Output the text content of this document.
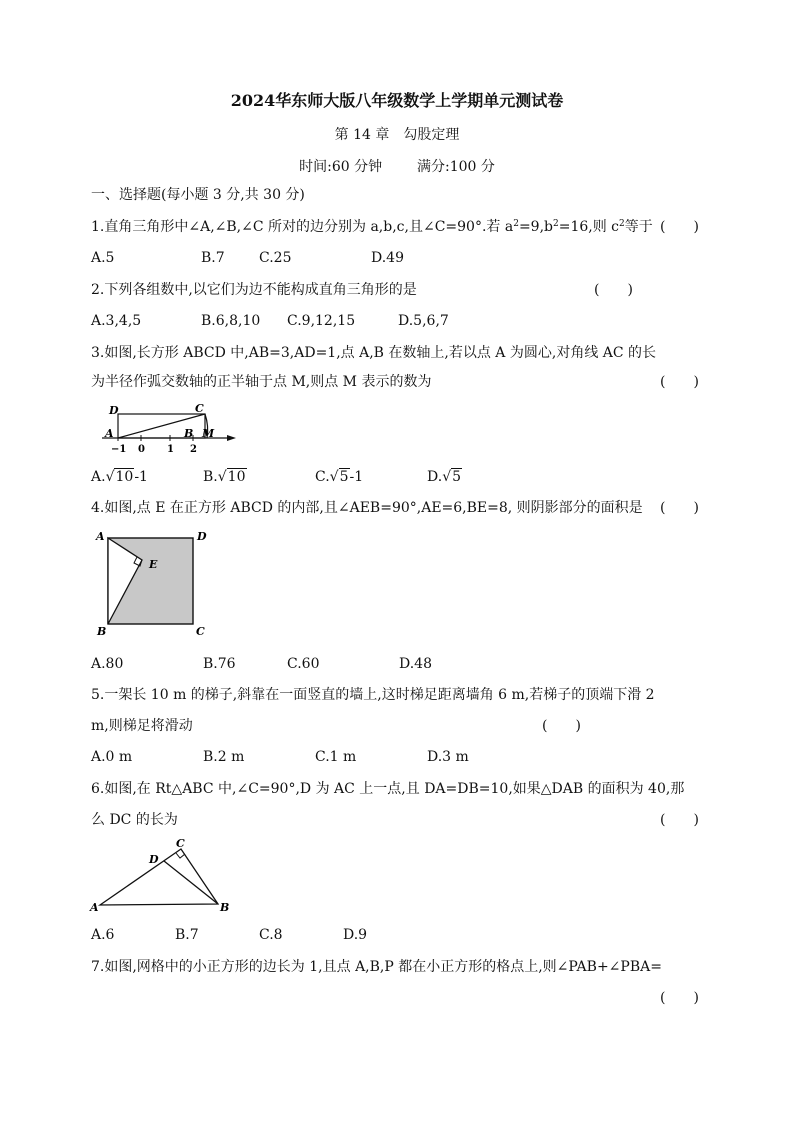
2024华东师大版八年级数学上学期单元测试卷
第 14 章　勾股定理
时间:60 分钟 满分:100 分
一、选择题(每小题 3 分,共 30 分)
1.直角三角形中∠A,∠B,∠C 所对的边分别为 a,b,c,且∠C=90°.若 $a^2=9,b^2=16$,则 $c^2$等于 (　　)
A.5	B.7 C.25	D.49
2.下列各组数中,以它们为边不能构成直角三角形的是	(　　)
A.3,4,5	B.6,8,10 C.9,12,15	D.5,6,7
3.如图,长方形 ABCD 中,AB=3,AD=1,点 A,B 在数轴上,若以点 A 为圆心,对角线 AC 的长
为半径作弧交数轴的正半轴于点 M,则点 M 表示的数为	(　　)
D	C
A	B M
−1 0 1 2
A.√10-1	B.√10	C.√5-1	D.√5
4.如图,点 E 在正方形 ABCD 的内部,且∠AEB=90°,AE=6,BE=8, 则阴影部分的面积是 (　　)
A	D
E
B	C
A.80	B.76	C.60	D.48
5.一架长 10 m 的梯子,斜靠在一面竖直的墙上,这时梯足距离墙角 6 m,若梯子的顶端下滑 2
m,则梯足将滑动	(　　)
A.0 m	B.2 m	C.1 m	D.3 m
6.如图,在 Rt△ABC 中,∠C=90°,D 为 AC 上一点,且 DA=DB=10,如果△DAB 的面积为 40,那
么 DC 的长为	(　　)
D
C
A	B
A.6	B.7	C.8	D.9
7.如图,网格中的小正方形的边长为 1,且点 A,B,P 都在小正方形的格点上,则∠PAB+∠PBA=
(　　)
